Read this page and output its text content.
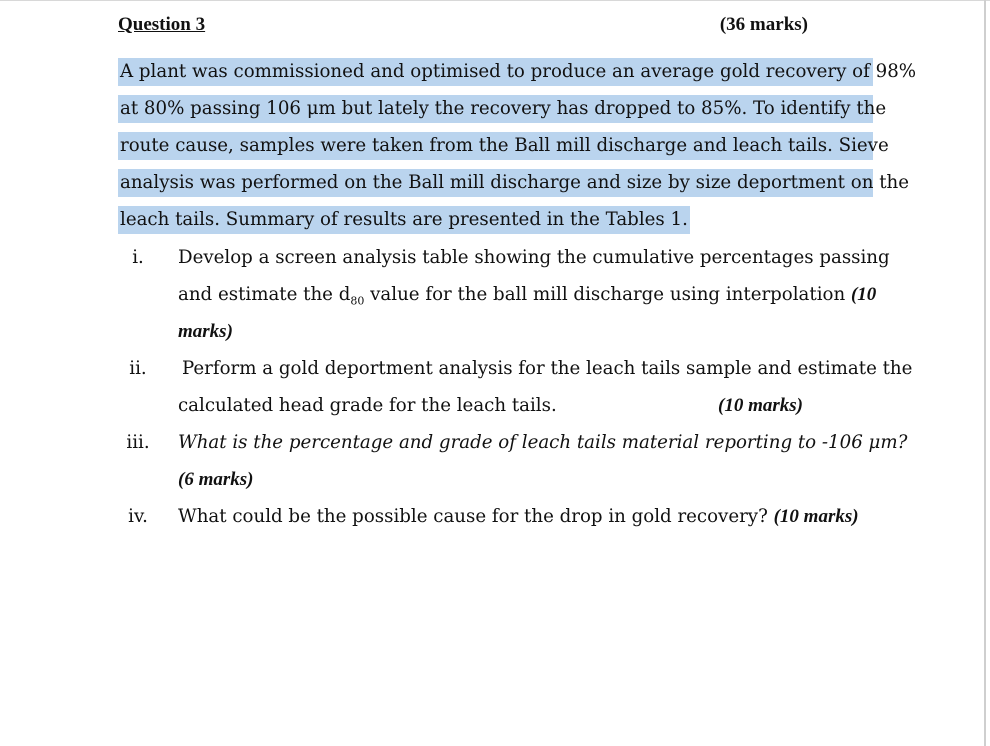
Question 3	(36 marks)
A plant was commissioned and optimised to produce an average gold recovery of 98%
at 80% passing 106 μm but lately the recovery has dropped to 85%. To identify the
route cause, samples were taken from the Ball mill discharge and leach tails. Sieve
analysis was performed on the Ball mill discharge and size by size deportment on the
leach tails. Summary of results are presented in the Tables 1.
i.	Develop a screen analysis table showing the cumulative percentages passing
and estimate the $d_{80}$ value for the ball mill discharge using interpolation (10
marks)
ii.	Perform a gold deportment analysis for the leach tails sample and estimate the
calculated head grade for the leach tails.	(10 marks)
iii.	What is the percentage and grade of leach tails material reporting to -106 μm?
(6 marks)
iv.	What could be the possible cause for the drop in gold recovery? (10 marks)
